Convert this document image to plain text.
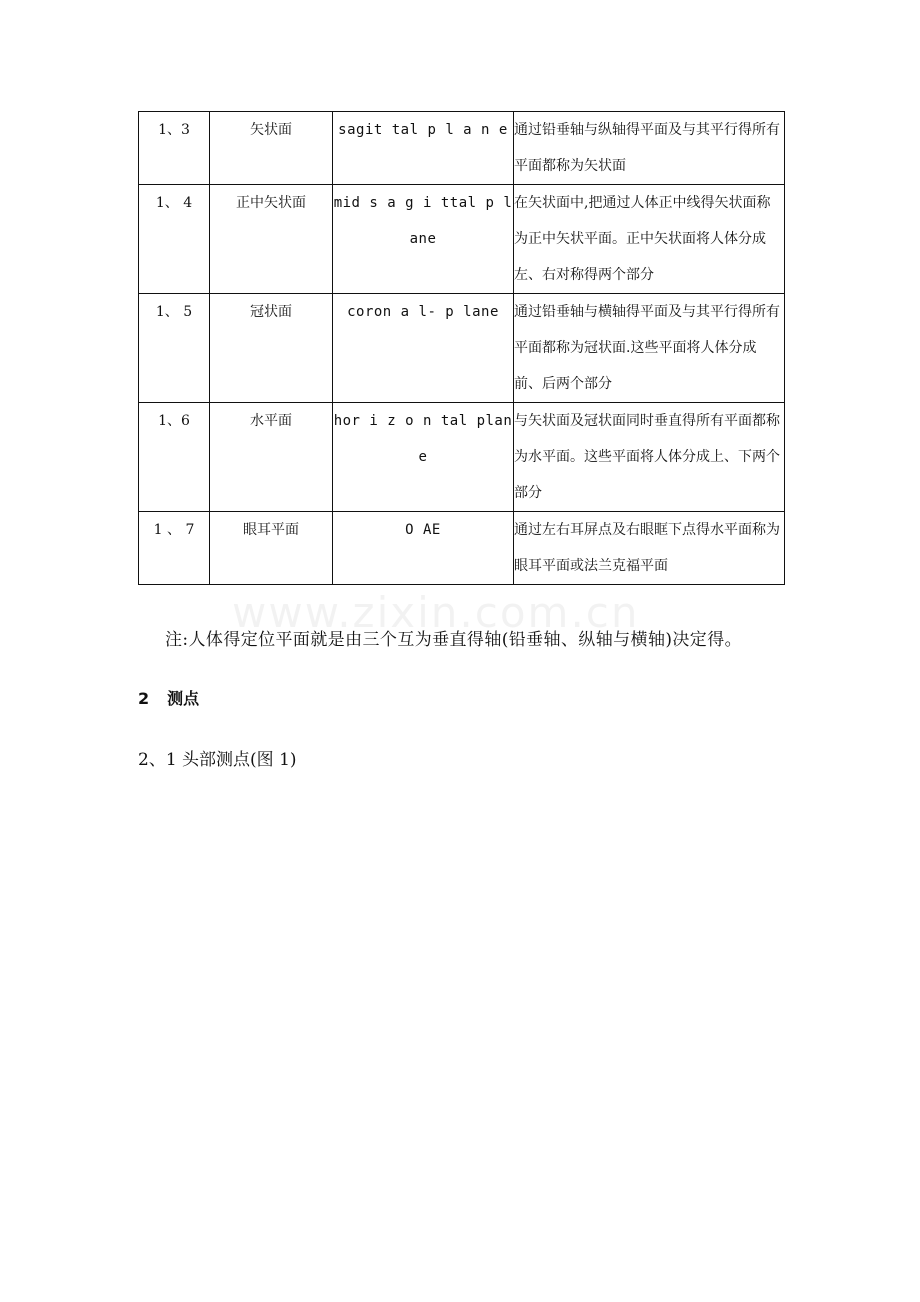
1、3	矢状面	sagit tal p l a n e	通过铅垂轴与纵轴得平面及与其平行得所有平面都称为矢状面
1、 4	正中矢状面	mid s a g i ttal p l ane	在矢状面中,把通过人体正中线得矢状面称为正中矢状平面。正中矢状面将人体分成左、右对称得两个部分
1、 5	冠状面	coron a l- p lane	通过铅垂轴与横轴得平面及与其平行得所有平面都称为冠状面.这些平面将人体分成前、后两个部分
1、6	水平面	hor i z o n tal plan e	与矢状面及冠状面同时垂直得所有平面都称为水平面。这些平面将人体分成上、下两个部分
1 、 7	眼耳平面	O AE	通过左右耳屏点及右眼眶下点得水平面称为眼耳平面或法兰克福平面
www.zixin.com.cn
注:人体得定位平面就是由三个互为垂直得轴(铅垂轴、纵轴与横轴)决定得。
2 测点
2、1 头部测点(图 1)
